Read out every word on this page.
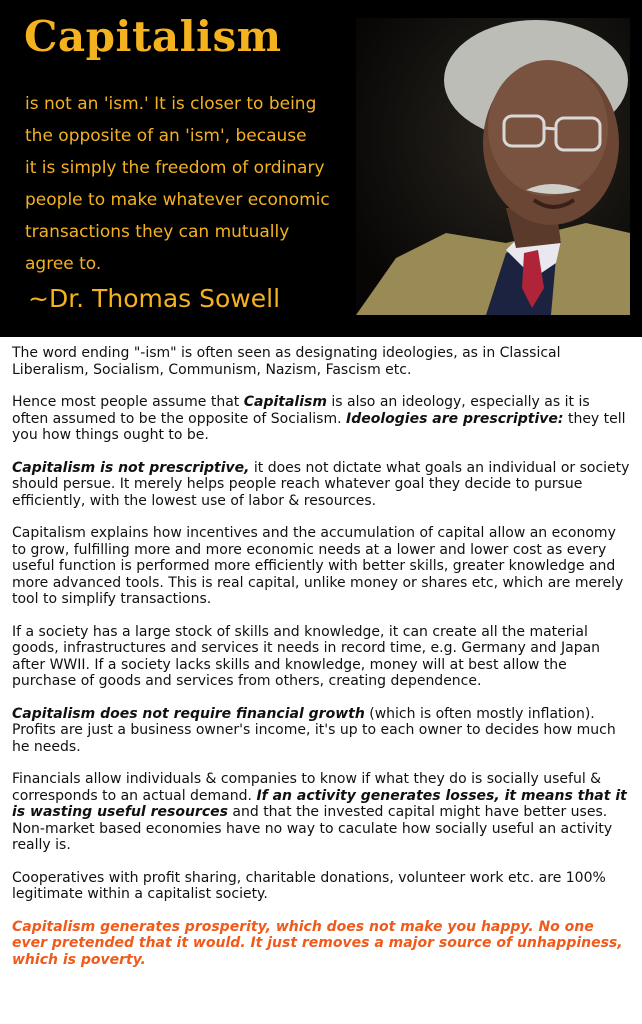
Capitalism
is not an 'ism.' It is closer to being
the opposite of an 'ism', because
it is simply the freedom of ordinary
people to make whatever economic
transactions they can mutually
agree to.
~Dr. Thomas Sowell

The word ending "-ism" is often seen as designating ideologies, as in Classical Liberalism, Socialism, Communism, Nazism, Fascism etc.

Hence most people assume that Capitalism is also an ideology, especially as it is often assumed to be the opposite of Socialism. Ideologies are prescriptive: they tell you how things ought to be.

Capitalism is not prescriptive, it does not dictate what goals an individual or society should persue. It merely helps people reach whatever goal they decide to pursue efficiently, with the lowest use of labor & resources.

Capitalism explains how incentives and the accumulation of capital allow an economy to grow, fulfilling more and more economic needs at a lower and lower cost as every useful function is performed more efficiently with better skills, greater knowledge and more advanced tools. This is real capital, unlike money or shares etc, which are merely tool to simplify transactions.

If a society has a large stock of skills and knowledge, it can create all the material goods, infrastructures and services it needs in record time, e.g. Germany and Japan after WWII. If a society lacks skills and knowledge, money will at best allow the purchase of goods and services from others, creating dependence.

Capitalism does not require financial growth (which is often mostly inflation). Profits are just a business owner's income, it's up to each owner to decides how much he needs.

Financials allow individuals & companies to know if what they do is socially useful & corresponds to an actual demand. If an activity generates losses, it means that it is wasting useful resources and that the invested capital might have better uses. Non-market based economies have no way to caculate how socially useful an activity really is.

Cooperatives with profit sharing, charitable donations, volunteer work etc. are 100% legitimate within a capitalist society.

Capitalism generates prosperity, which does not make you happy. No one ever pretended that it would. It just removes a major source of unhappiness, which is poverty.
